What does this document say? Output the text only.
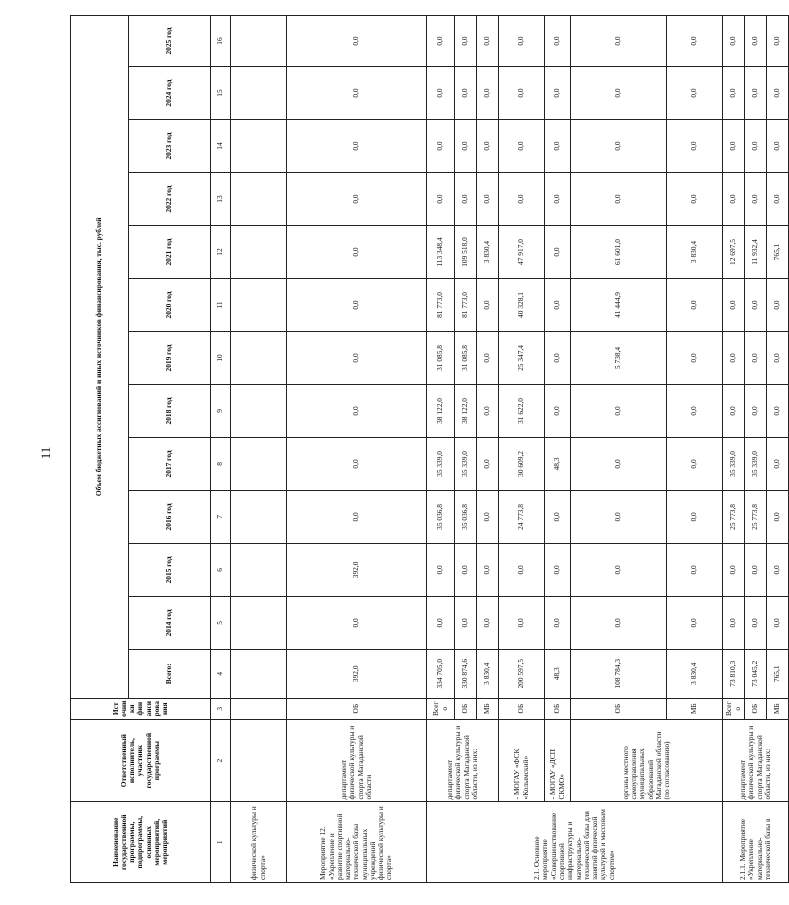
11
Наименование государственной программы, подпрограммы, основных мероприятий, мероприятий	Ответственный исполнитель, участник государственной программы	Источники финансирования	Объем бюджетных ассигнований и иных источников финансирования, тыс. рублей												
			Всего:	2014 год	2015 год	2016 год	2017 год	2018 год	2019 год	2020 год	2021 год	2022 год	2023 год	2024 год	2025 год
1	2	3	4	5	6	7	8	9	10	11	12	13	14	15	16
физической культуры и спорта»															
Мероприятие 12. «Укрепление и развитие спортивной материально-технической базы муниципальных учреждений физической культуры и спорта»	департамент физической культуры и спорта Магаданской области	ОБ	392,0	0,0	392,0	0,0	0,0	0,0	0,0	0,0	0,0	0,0	0,0	0,0	0,0
2.1. Основное мероприятие «Совершенствование спортивной инфраструктуры и материально-технической базы для занятий физической культурой и массовым спортом»	департамент физической культуры и спорта Магаданской области, из них:	Всего	334 705,0	0,0	0,0	35 036,8	35 339,0	38 122,0	31 085,8	81 773,0	113 348,4	0,0	0,0	0,0	0,0
		ОБ	330 874,6	0,0	0,0	35 036,8	35 339,0	38 122,0	31 085,8	81 773,0	109 518,0	0,0	0,0	0,0	0,0
		МБ	3 830,4	0,0	0,0	0,0	0,0	0,0	0,0	0,0	3 830,4	0,0	0,0	0,0	0,0
	- МОГАУ «ФСК «Колымский»	ОБ	200 597,5	0,0	0,0	24 773,8	30 609,2	31 622,0	25 347,4	40 328,1	47 917,0	0,0	0,0	0,0	0,0
	- МОГАУ «ДСП СКМО»	ОБ	48,3	0,0	0,0	0,0	48,3	0,0	0,0	0,0	0,0	0,0	0,0	0,0	0,0
	органы местного самоуправления муниципальных образований Магаданской области (по согласованию)	ОБ	108 784,3	0,0	0,0	0,0	0,0	0,0	5 738,4	41 444,9	61 601,0	0,0	0,0	0,0	0,0
		МБ	3 830,4	0,0	0,0	0,0	0,0	0,0	0,0	0,0	3 830,4	0,0	0,0	0,0	0,0
2.1.1. Мероприятие «Укрепление материально-технической базы в	департамент физической культуры и спорта Магаданской области, из них:	Всего	73 810,3	0,0	0,0	25 773,8	35 339,0	0,0	0,0	0,0	12 697,5	0,0	0,0	0,0	0,0
		ОБ	73 045,2	0,0	0,0	25 773,8	35 339,0	0,0	0,0	0,0	11 932,4	0,0	0,0	0,0	0,0
		МБ	765,1	0,0	0,0	0,0	0,0	0,0	0,0	0,0	765,1	0,0	0,0	0,0	0,0
